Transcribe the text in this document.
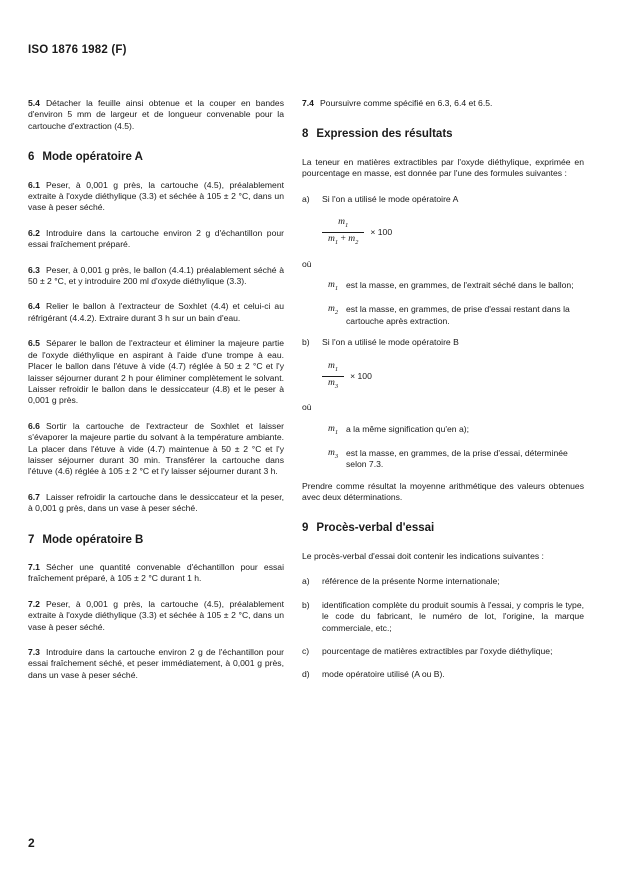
ISO 1876 1982 (F)

5.4 Détacher la feuille ainsi obtenue et la couper en bandes d'environ 5 mm de largeur et de longueur convenable pour la cartouche d'extraction (4.5).

6 Mode opératoire A

6.1 Peser, à 0,001 g près, la cartouche (4.5), préalablement extraite à l'oxyde diéthylique (3.3) et séchée à 105 ± 2 °C, dans un vase à peser séché.

6.2 Introduire dans la cartouche environ 2 g d'échantillon pour essai fraîchement préparé.

6.3 Peser, à 0,001 g près, le ballon (4.4.1) préalablement séché à 50 ± 2 °C, et y introduire 200 ml d'oxyde diéthylique (3.3).

6.4 Relier le ballon à l'extracteur de Soxhlet (4.4) et celui-ci au réfrigérant (4.4.2). Extraire durant 3 h sur un bain d'eau.

6.5 Séparer le ballon de l'extracteur et éliminer la majeure partie de l'oxyde diéthylique en aspirant à l'aide d'une trompe à eau. Placer le ballon dans l'étuve à vide (4.7) réglée à 50 ± 2 °C et l'y laisser séjourner durant 2 h pour éliminer complètement le solvant. Laisser refroidir le ballon dans le dessiccateur (4.8) et le peser à 0,001 g près.

6.6 Sortir la cartouche de l'extracteur de Soxhlet et laisser s'évaporer la majeure partie du solvant à la température ambiante. La placer dans l'étuve à vide (4.7) maintenue à 50 ± 2 °C et l'y laisser séjourner durant 30 min. Transférer la cartouche dans l'étuve (4.6) réglée à 105 ± 2 °C et l'y laisser séjourner durant 3 h.

6.7 Laisser refroidir la cartouche dans le dessiccateur et la peser, à 0,001 g près, dans un vase à peser séché.

7 Mode opératoire B

7.1 Sécher une quantité convenable d'échantillon pour essai fraîchement préparé, à 105 ± 2 °C durant 1 h.

7.2 Peser, à 0,001 g près, la cartouche (4.5), préalablement extraite à l'oxyde diéthylique (3.3) et séchée à 105 ± 2 °C, dans un vase à peser séché.

7.3 Introduire dans la cartouche environ 2 g de l'échantillon pour essai fraîchement séché, et peser immédiatement, à 0,001 g près, dans un vase à peser séché.

7.4 Poursuivre comme spécifié en 6.3, 6.4 et 6.5.

8 Expression des résultats

La teneur en matières extractibles par l'oxyde diéthylique, exprimée en pourcentage en masse, est donnée par l'une des formules suivantes :

a)	Si l'on a utilisé le mode opératoire A
$\frac{m_1}{m_1 + m_2} \times 100$

où

$m_1$ est la masse, en grammes, de l'extrait séché dans le ballon;
$m_2$ est la masse, en grammes, de prise d'essai restant dans la cartouche après extraction.
b)	Si l'on a utilisé le mode opératoire B
$\frac{m_1}{m_3} \times 100$

où

$m_1$ a la même signification qu'en a);
$m_3$ est la masse, en grammes, de la prise d'essai, déterminée selon 7.3.

Prendre comme résultat la moyenne arithmétique des valeurs obtenues avec deux déterminations.

9 Procès-verbal d'essai

Le procès-verbal d'essai doit contenir les indications suivantes :

a)	référence de la présente Norme internationale;
b)	identification complète du produit soumis à l'essai, y compris le type, le code du fabricant, le numéro de lot, l'origine, la marque commerciale, etc.;
c)	pourcentage de matières extractibles par l'oxyde diéthylique;
d)	mode opératoire utilisé (A ou B).
2
